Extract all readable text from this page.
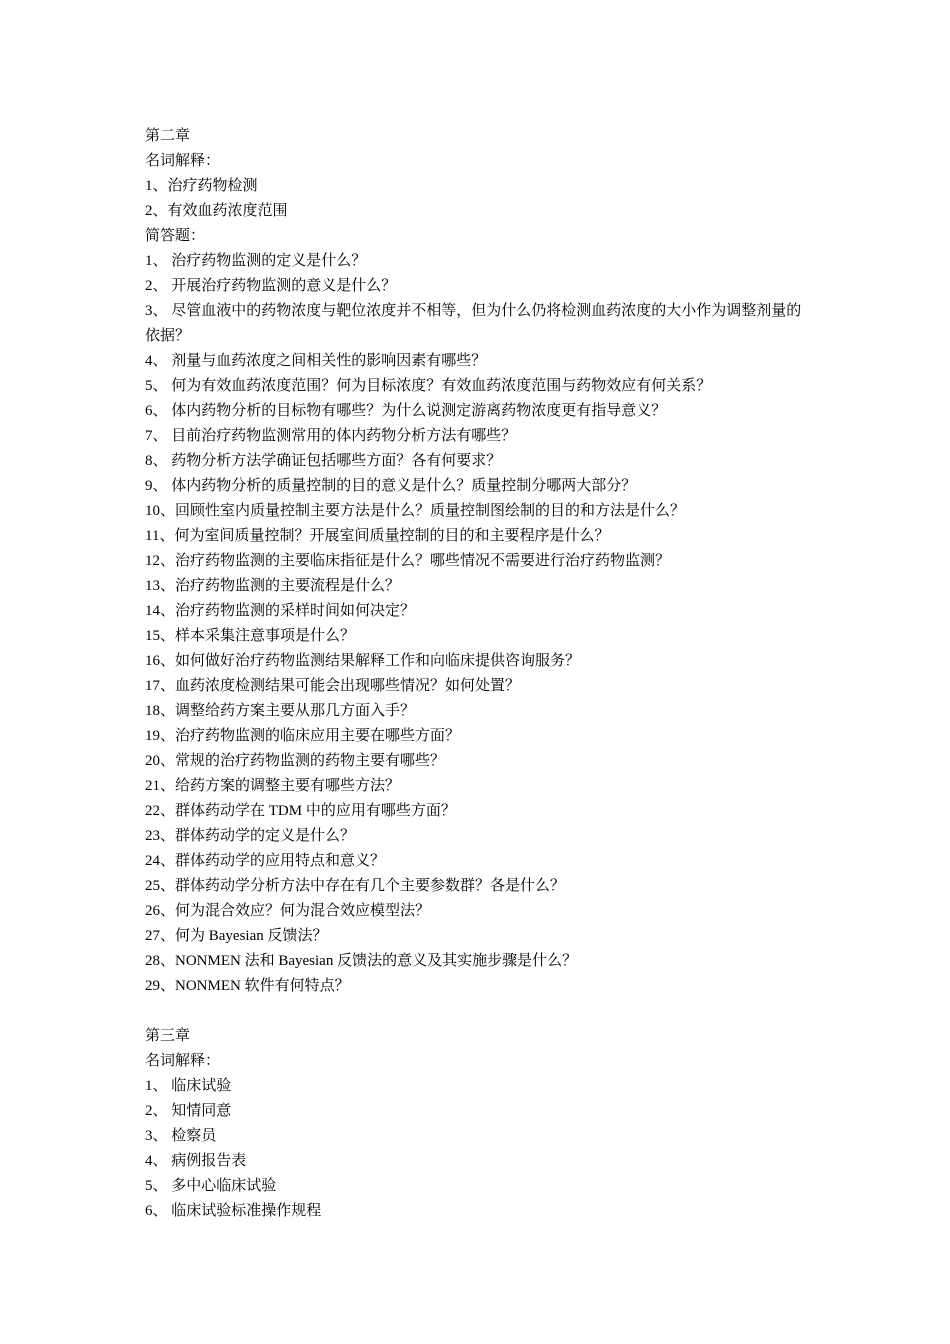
第二章
名词解释：
1、治疗药物检测
2、有效血药浓度范围
简答题：
1、 治疗药物监测的定义是什么？
2、 开展治疗药物监测的意义是什么？
3、 尽管血液中的药物浓度与靶位浓度并不相等，但为什么仍将检测血药浓度的大小作为调整剂量的依据？
4、 剂量与血药浓度之间相关性的影响因素有哪些？
5、 何为有效血药浓度范围？何为目标浓度？有效血药浓度范围与药物效应有何关系？
6、 体内药物分析的目标物有哪些？为什么说测定游离药物浓度更有指导意义？
7、 目前治疗药物监测常用的体内药物分析方法有哪些？
8、 药物分析方法学确证包括哪些方面？各有何要求？
9、 体内药物分析的质量控制的目的意义是什么？质量控制分哪两大部分？
10、回顾性室内质量控制主要方法是什么？质量控制图绘制的目的和方法是什么？
11、何为室间质量控制？开展室间质量控制的目的和主要程序是什么？
12、治疗药物监测的主要临床指征是什么？哪些情况不需要进行治疗药物监测？
13、治疗药物监测的主要流程是什么？
14、治疗药物监测的采样时间如何决定？
15、样本采集注意事项是什么？
16、如何做好治疗药物监测结果解释工作和向临床提供咨询服务？
17、血药浓度检测结果可能会出现哪些情况？如何处置？
18、调整给药方案主要从那几方面入手？
19、治疗药物监测的临床应用主要在哪些方面？
20、常规的治疗药物监测的药物主要有哪些？
21、给药方案的调整主要有哪些方法？
22、群体药动学在 TDM 中的应用有哪些方面？
23、群体药动学的定义是什么？
24、群体药动学的应用特点和意义？
25、群体药动学分析方法中存在有几个主要参数群？各是什么？
26、何为混合效应？何为混合效应模型法？
27、何为 Bayesian 反馈法？
28、NONMEN 法和 Bayesian 反馈法的意义及其实施步骤是什么？
29、NONMEN 软件有何特点？
第三章
名词解释：
1、 临床试验
2、 知情同意
3、 检察员
4、 病例报告表
5、 多中心临床试验
6、 临床试验标准操作规程
